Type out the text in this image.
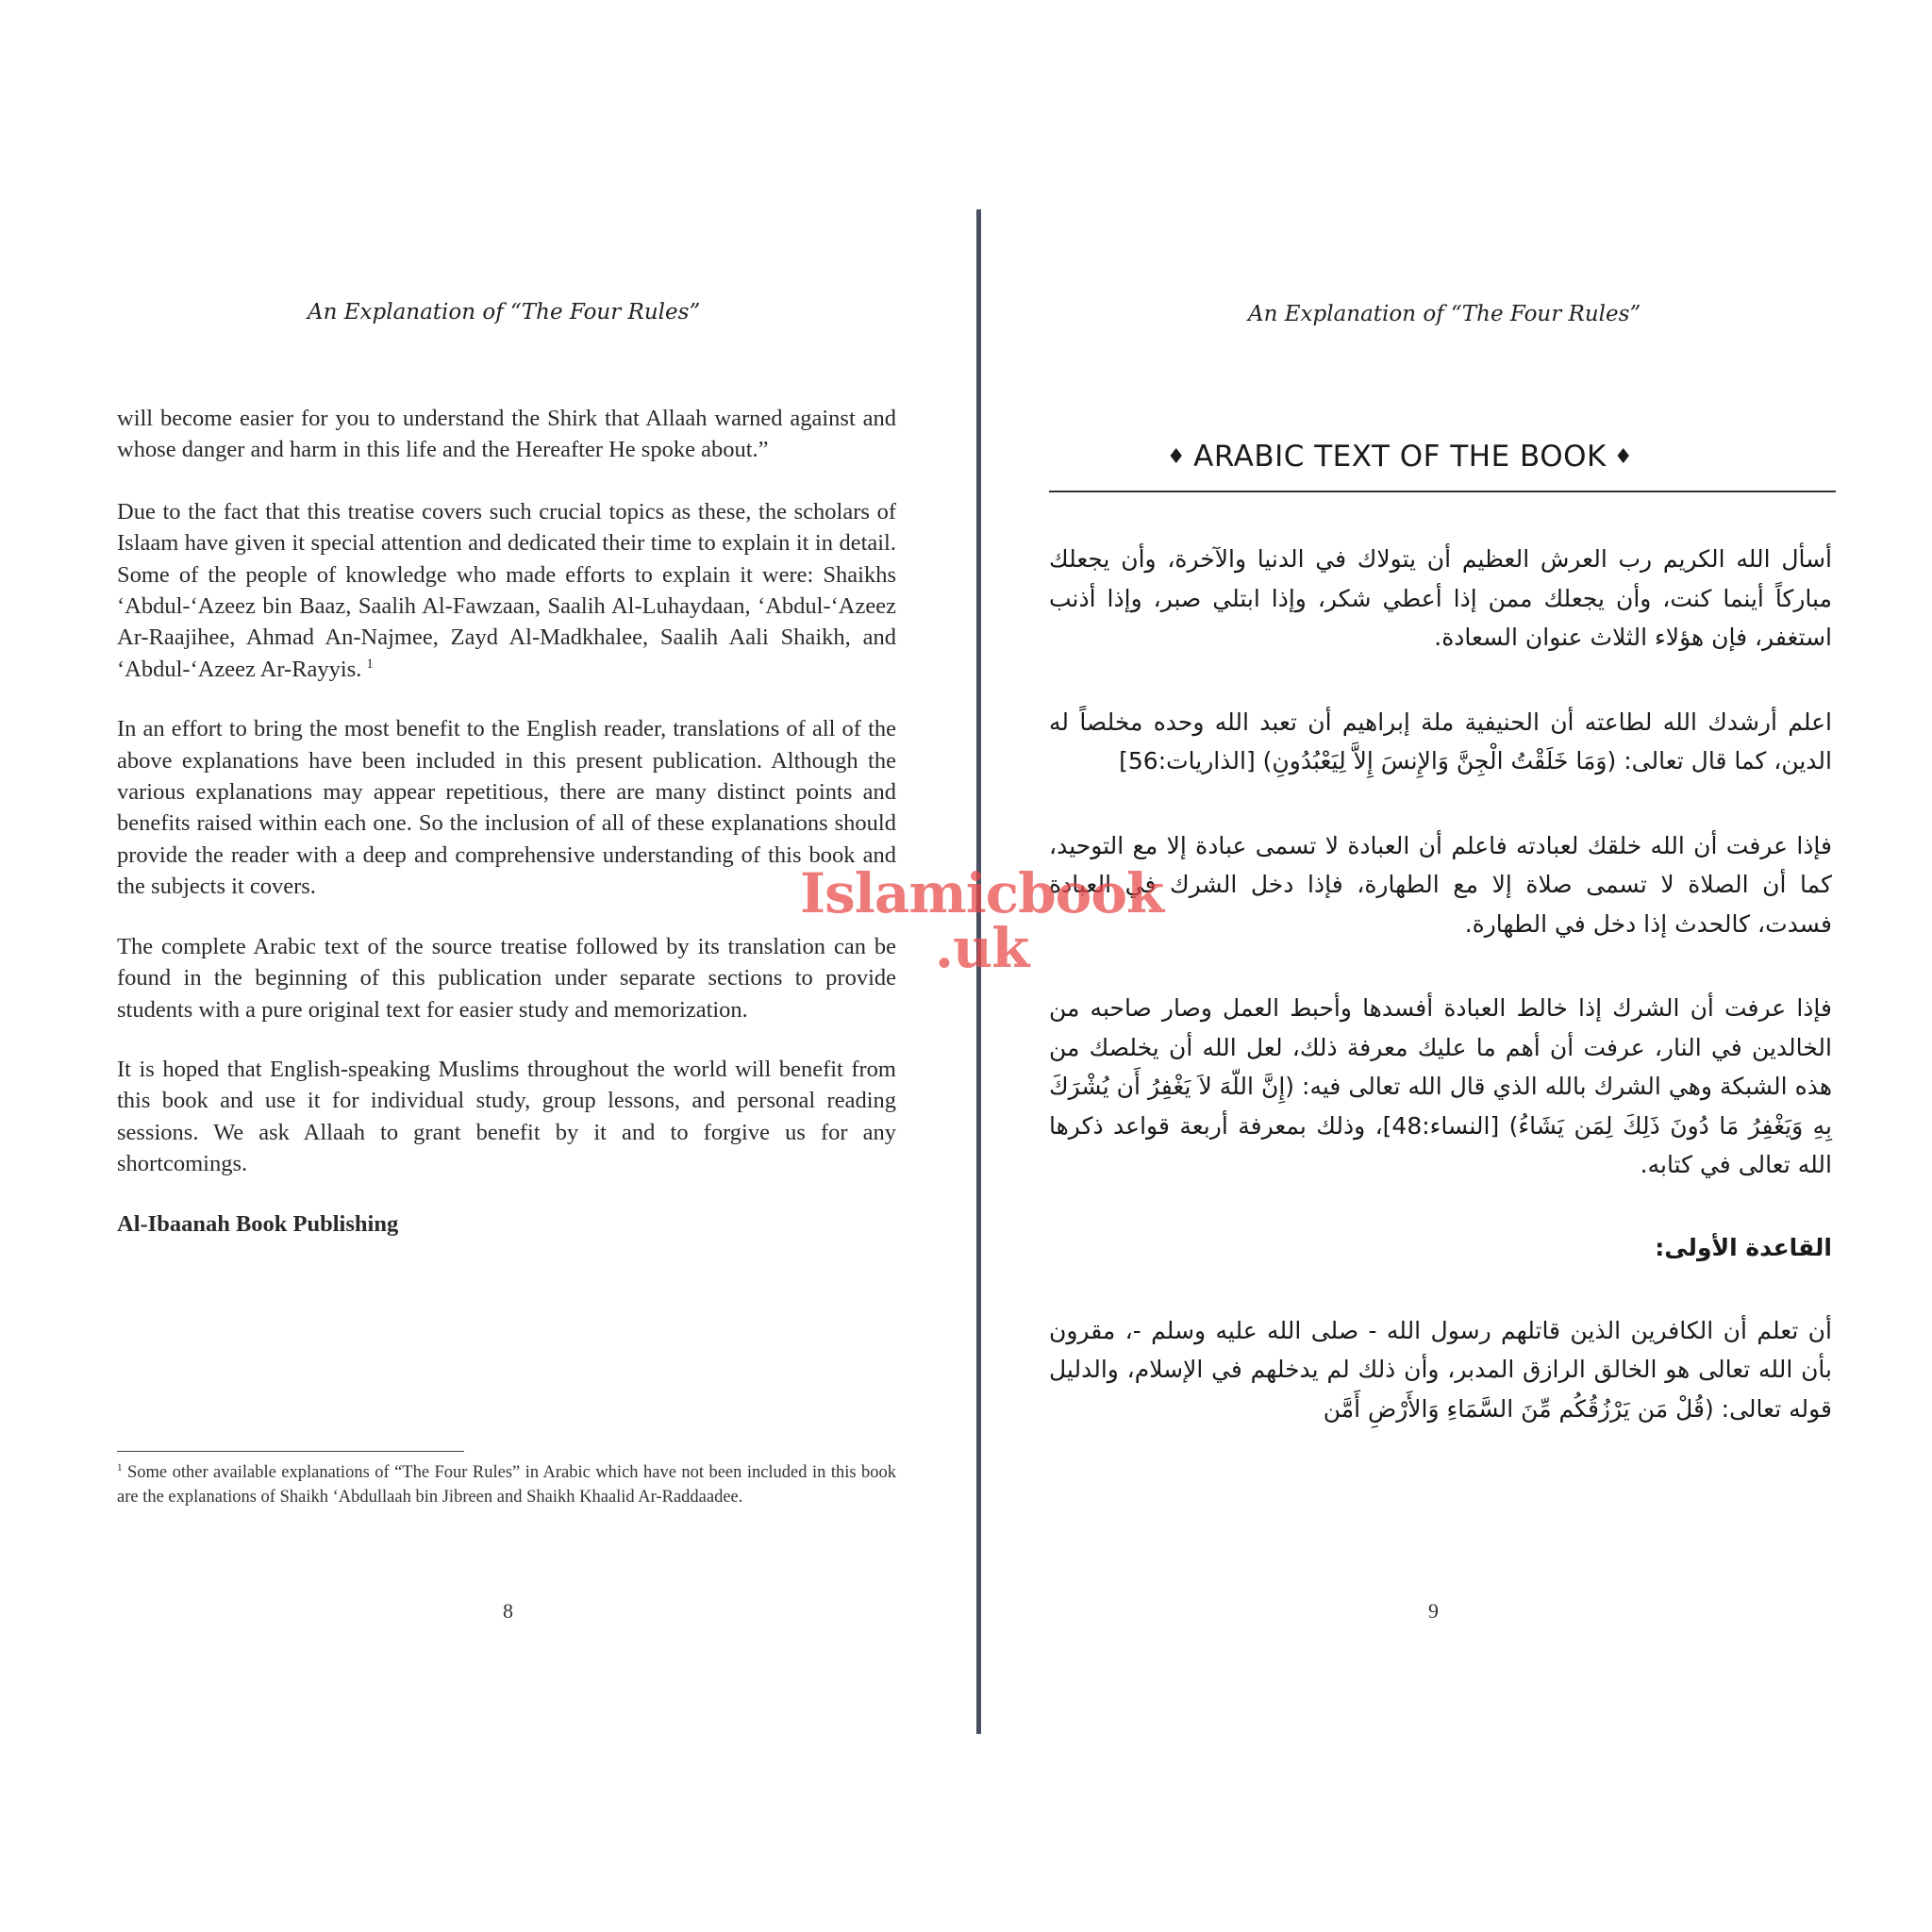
An Explanation of “The Four Rules”

will become easier for you to understand the Shirk that Allaah warned against and whose danger and harm in this life and the Hereafter He spoke about.”

Due to the fact that this treatise covers such crucial topics as these, the scholars of Islaam have given it special attention and dedicated their time to explain it in detail. Some of the people of knowledge who made efforts to explain it were: Shaikhs ‘Abdul-‘Azeez bin Baaz, Saalih Al-Fawzaan, Saalih Al-Luhaydaan, ‘Abdul-‘Azeez Ar-Raajihee, Ahmad An-Najmee, Zayd Al-Madkhalee, Saalih Aali Shaikh, and ‘Abdul-‘Azeez Ar-Rayyis.  $^1$

In an effort to bring the most benefit to the English reader, translations of all of the above explanations have been included in this present publication. Although the various explanations may appear repetitious, there are many distinct points and benefits raised within each one. So the inclusion of all of these explanations should provide the reader with a deep and comprehensive understanding of this book and the subjects it covers.

The complete Arabic text of the source treatise followed by its translation can be found in the beginning of this publication under separate sections to provide students with a pure original text for easier study and memorization.

It is hoped that English-speaking Muslims throughout the world will benefit from this book and use it for individual study, group lessons, and personal reading sessions. We ask Allaah to grant benefit by it and to forgive us for any shortcomings.

Al-Ibaanah Book Publishing

$^1$ Some other available explanations of “The Four Rules” in Arabic which have not been included in this book are the explanations of Shaikh ‘Abdullaah bin Jibreen and Shaikh Khaalid Ar-Raddaadee.

8
An Explanation of “The Four Rules”
♦ ARABIC TEXT OF THE BOOK ♦

أسأل الله الكريم رب العرش العظيم أن يتولاك في الدنيا والآخرة، وأن يجعلك مباركاً أينما كنت، وأن يجعلك ممن إذا أعطي شكر، وإذا ابتلي صبر، وإذا أذنب استغفر، فإن هؤلاء الثلاث عنوان السعادة.

اعلم أرشدك الله لطاعته أن الحنيفية ملة إبراهيم أن تعبد الله وحده مخلصاً له الدين، كما قال تعالى: (وَمَا خَلَقْتُ الْجِنَّ وَالإِنسَ إِلاَّ لِيَعْبُدُونِ) [الذاريات:56]

فإذا عرفت أن الله خلقك لعبادته فاعلم أن العبادة لا تسمى عبادة إلا مع التوحيد، كما أن الصلاة لا تسمى صلاة إلا مع الطهارة، فإذا دخل الشرك في العبادة فسدت، كالحدث إذا دخل في الطهارة.

فإذا عرفت أن الشرك إذا خالط العبادة أفسدها وأحبط العمل وصار صاحبه من الخالدين في النار، عرفت أن أهم ما عليك معرفة ذلك، لعل الله أن يخلصك من هذه الشبكة وهي الشرك بالله الذي قال الله تعالى فيه: (إِنَّ اللّهَ لاَ يَغْفِرُ أَن يُشْرَكَ بِهِ وَيَغْفِرُ مَا دُونَ ذَلِكَ لِمَن يَشَاءُ) [النساء:48]، وذلك بمعرفة أربعة قواعد ذكرها الله تعالى في كتابه.

القاعدة الأولى:

أن تعلم أن الكافرين الذين قاتلهم رسول الله - صلى الله عليه وسلم -، مقرون بأن الله تعالى هو الخالق الرازق المدبر، وأن ذلك لم يدخلهم في الإسلام، والدليل قوله تعالى: (قُلْ مَن يَرْزُقُكُم مِّنَ السَّمَاءِ وَالأَرْضِ أَمَّن

9
Islamicbook
.uk
